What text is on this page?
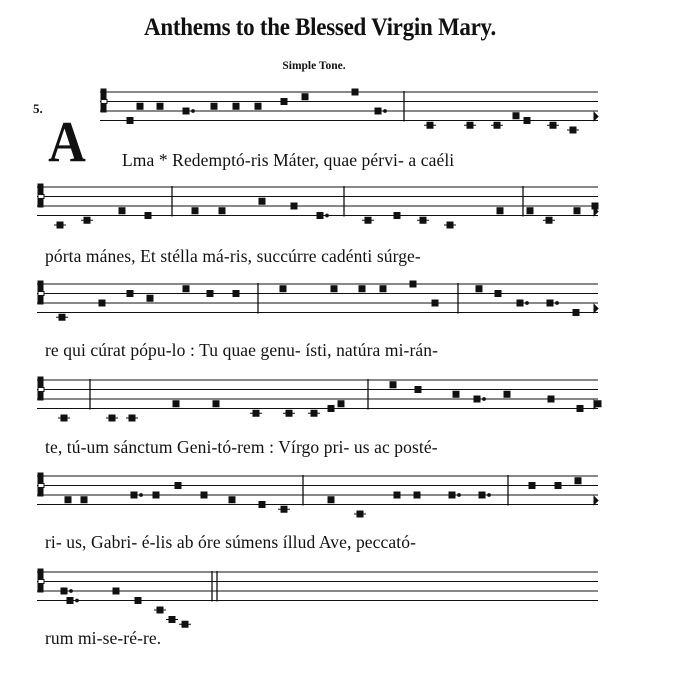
Anthems to the Blessed Virgin Mary.
Simple Tone.
5.
A Lma * Redemptó-ris Máter, quae pérvi- a caéli
pórta mánes, Et stélla má-ris, succúrre cadénti súrge-
re qui cúrat pópu-lo : Tu quae genu- ísti, natúra mi-rán-
te, tú-um sánctum Geni-tó-rem : Vírgo pri- us ac posté-
ri- us, Gabri- é-lis ab óre súmens íllud Ave, peccató-
rum mi-se-ré-re.
